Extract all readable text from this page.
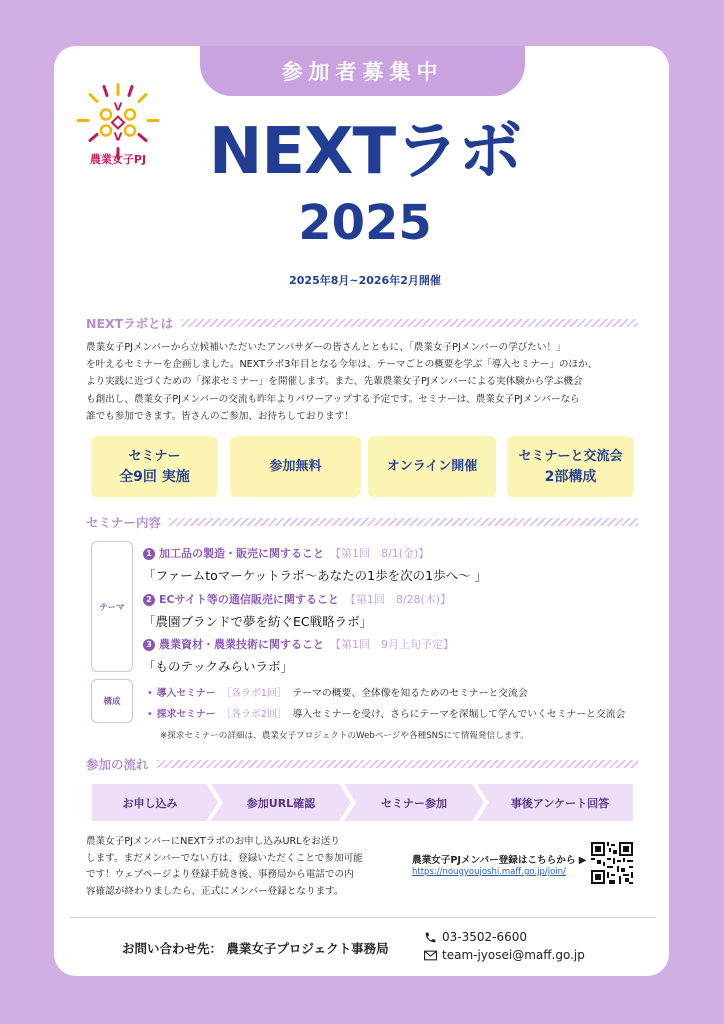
参加者募集中
V
V
農業女子PJ NEXTラボ
2025
2025年8月~2026年2月開催
NEXTラボとは
農業女子PJメンバーから立候補いただいたアンバサダーの皆さんとともに、「農業女子PJメンバーの学びたい！」
を叶えるセミナーを企画しました。NEXTラボ3年目となる今年は、テーマごとの概要を学ぶ「導入セミナー」のほか、
より実践に近づくための「探求セミナー」を開催します。また、先輩農業女子PJメンバーによる実体験から学ぶ機会
も創出し、農業女子PJメンバーの交流も昨年よりパワーアップする予定です。セミナーは、農業女子PJメンバーなら
誰でも参加できます。皆さんのご参加、お待ちしております！
セミナー
全9回 実施
参加無料	オンライン開催
セミナーと交流会
2部構成
セミナー内容
テーマ
1 加工品の製造・販売に関すること 【第1回　8/1(金)】
「ファームtoマーケットラボ～あなたの1歩を次の1歩へ～ 」
2 ECサイト等の通信販売に関すること 【第1回　8/28(木)】
「農園ブランドで夢を紡ぐEC戦略ラボ」
3 農業資材・農業技術に関すること 【第1回　9月上旬予定】
「ものテックみらいラボ」
構成
• 導入セミナー ［各ラボ1回］ テーマの概要、全体像を知るためのセミナーと交流会
• 探求セミナー ［各ラボ2回］ 導入セミナーを受け、さらにテーマを深堀して学んでいくセミナーと交流会
※探求セミナーの詳細は、農業女子プロジェクトのWebページや各種SNSにて情報発信します。
参加の流れ
お申し込み	参加URL確認	セミナー参加	事後アンケート回答
農業女子PJメンバーにNEXTラボのお申し込みURLをお送り
します。まだメンバーでない方は、登録いただくことで参加可能
です！ウェブページより登録手続き後、事務局から電話での内
容確認が終わりましたら、正式にメンバー登録となります。
農業女子PJメンバー登録はこちらから ▶
https://nougyoujoshi.maff.go.jp/join/
お問い合わせ先： 農業女子プロジェクト事務局
03-3502-6600
team-jyosei@maff.go.jp
